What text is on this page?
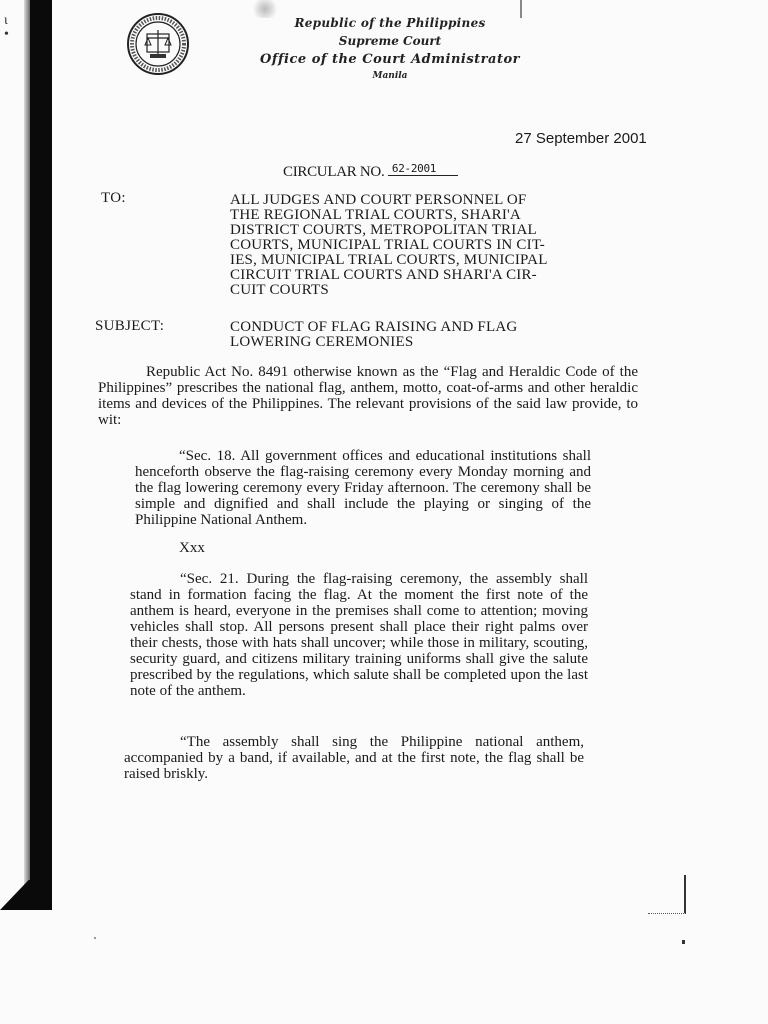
ɩ
•
Republic of the Philippines
Supreme Court
Office of the Court Administrator
Manila
27 September 2001
CIRCULAR NO. 62-2001
TO:	ALL JUDGES AND COURT PERSONNEL OF
THE REGIONAL TRIAL COURTS, SHARI'A
DISTRICT COURTS, METROPOLITAN TRIAL
COURTS, MUNICIPAL TRIAL COURTS IN CIT-
IES, MUNICIPAL TRIAL COURTS, MUNICIPAL
CIRCUIT TRIAL COURTS AND SHARI'A CIR-
CUIT COURTS
SUBJECT:	CONDUCT OF FLAG RAISING AND FLAG
LOWERING CEREMONIES
Republic Act No. 8491 otherwise known as the “Flag and Heraldic Code of the Philippines” prescribes the national flag, anthem, motto, coat-of-arms and other heraldic items and devices of the Philippines. The relevant provisions of the said law provide, to wit:
“Sec. 18. All government offices and educational institutions shall henceforth observe the flag-raising ceremony every Monday morning and the flag lowering ceremony every Friday afternoon. The ceremony shall be simple and dignified and shall include the playing or singing of the Philippine National Anthem.
Xxx
“Sec. 21. During the flag-raising ceremony, the assembly shall stand in formation facing the flag. At the moment the first note of the anthem is heard, everyone in the premises shall come to attention; moving vehicles shall stop. All persons present shall place their right palms over their chests, those with hats shall uncover; while those in military, scouting, security guard, and citizens military training uniforms shall give the salute prescribed by the regulations, which salute shall be completed upon the last note of the anthem.
“The assembly shall sing the Philippine national anthem, accompanied by a band, if available, and at the first note, the flag shall be raised briskly.
